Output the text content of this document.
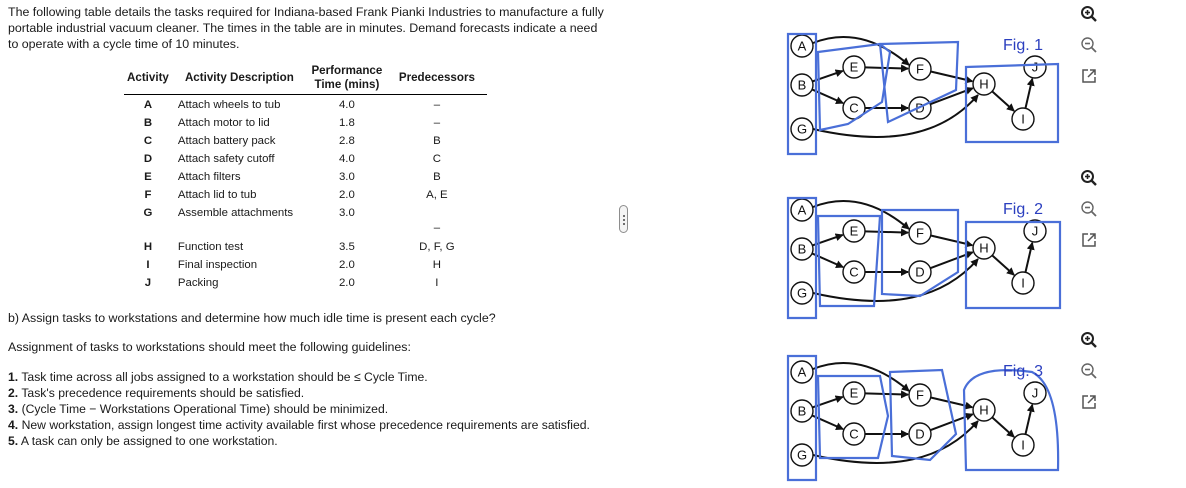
The following table details the tasks required for Indiana-based Frank Pianki Industries to manufacture a fully portable industrial vacuum cleaner. The times in the table are in minutes. Demand forecasts indicate a need to operate with a cycle time of 10 minutes.

Activity	Activity Description	Performance
Time (mins)	Predecessors
A	Attach wheels to tub	4.0	–
B	Attach motor to lid	1.8	–
C	Attach battery pack	2.8	B
D	Attach safety cutoff	4.0	C
E	Attach filters	3.0	B
F	Attach lid to tub	2.0	A, E
G	Assemble attachments	3.0	–
H	Function test	3.5	D, F, G
I	Final inspection	2.0	H
J	Packing	2.0	I

b) Assign tasks to workstations and determine how much idle time is present each cycle?

Assignment of tasks to workstations should meet the following guidelines:

1. Task time across all jobs assigned to a workstation should be ≤ Cycle Time.
2. Task's precedence requirements should be satisfied.
3. (Cycle Time − Workstations Operational Time) should be minimized.
4. New workstation, assign longest time activity available first whose precedence requirements are satisfied.
5. A task can only be assigned to one workstation.
A
B
C	D
E	F
G
H
I
J
Fig. 1
A
B
C	D
E	F
G
H
I
J
Fig. 2
A
B
C	D
E	F
G
H
I
J
Fig. 3
